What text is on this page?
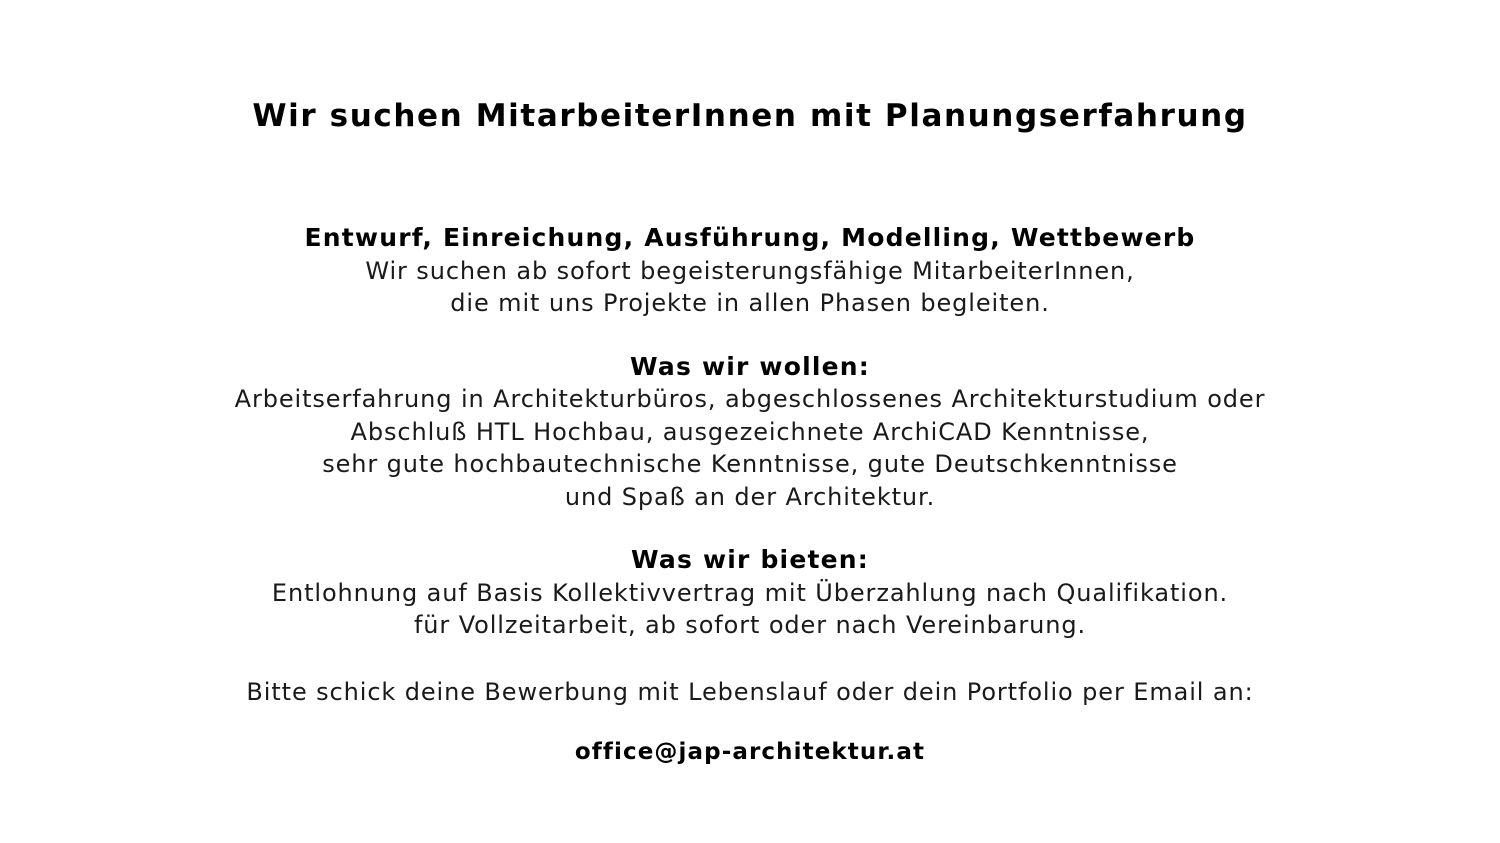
Wir suchen MitarbeiterInnen mit Planungserfahrung
Entwurf, Einreichung, Ausführung, Modelling, Wettbewerb
Wir suchen ab sofort begeisterungsfähige MitarbeiterInnen,
die mit uns Projekte in allen Phasen begleiten.
Was wir wollen:
Arbeitserfahrung in Architekturbüros, abgeschlossenes Architekturstudium oder
Abschluß HTL Hochbau, ausgezeichnete ArchiCAD Kenntnisse,
sehr gute hochbautechnische Kenntnisse, gute Deutschkenntnisse
und Spaß an der Architektur.
Was wir bieten:
Entlohnung auf Basis Kollektivvertrag mit Überzahlung nach Qualifikation.
für Vollzeitarbeit, ab sofort oder nach Vereinbarung.
Bitte schick deine Bewerbung mit Lebenslauf oder dein Portfolio per Email an:
office@jap-architektur.at
